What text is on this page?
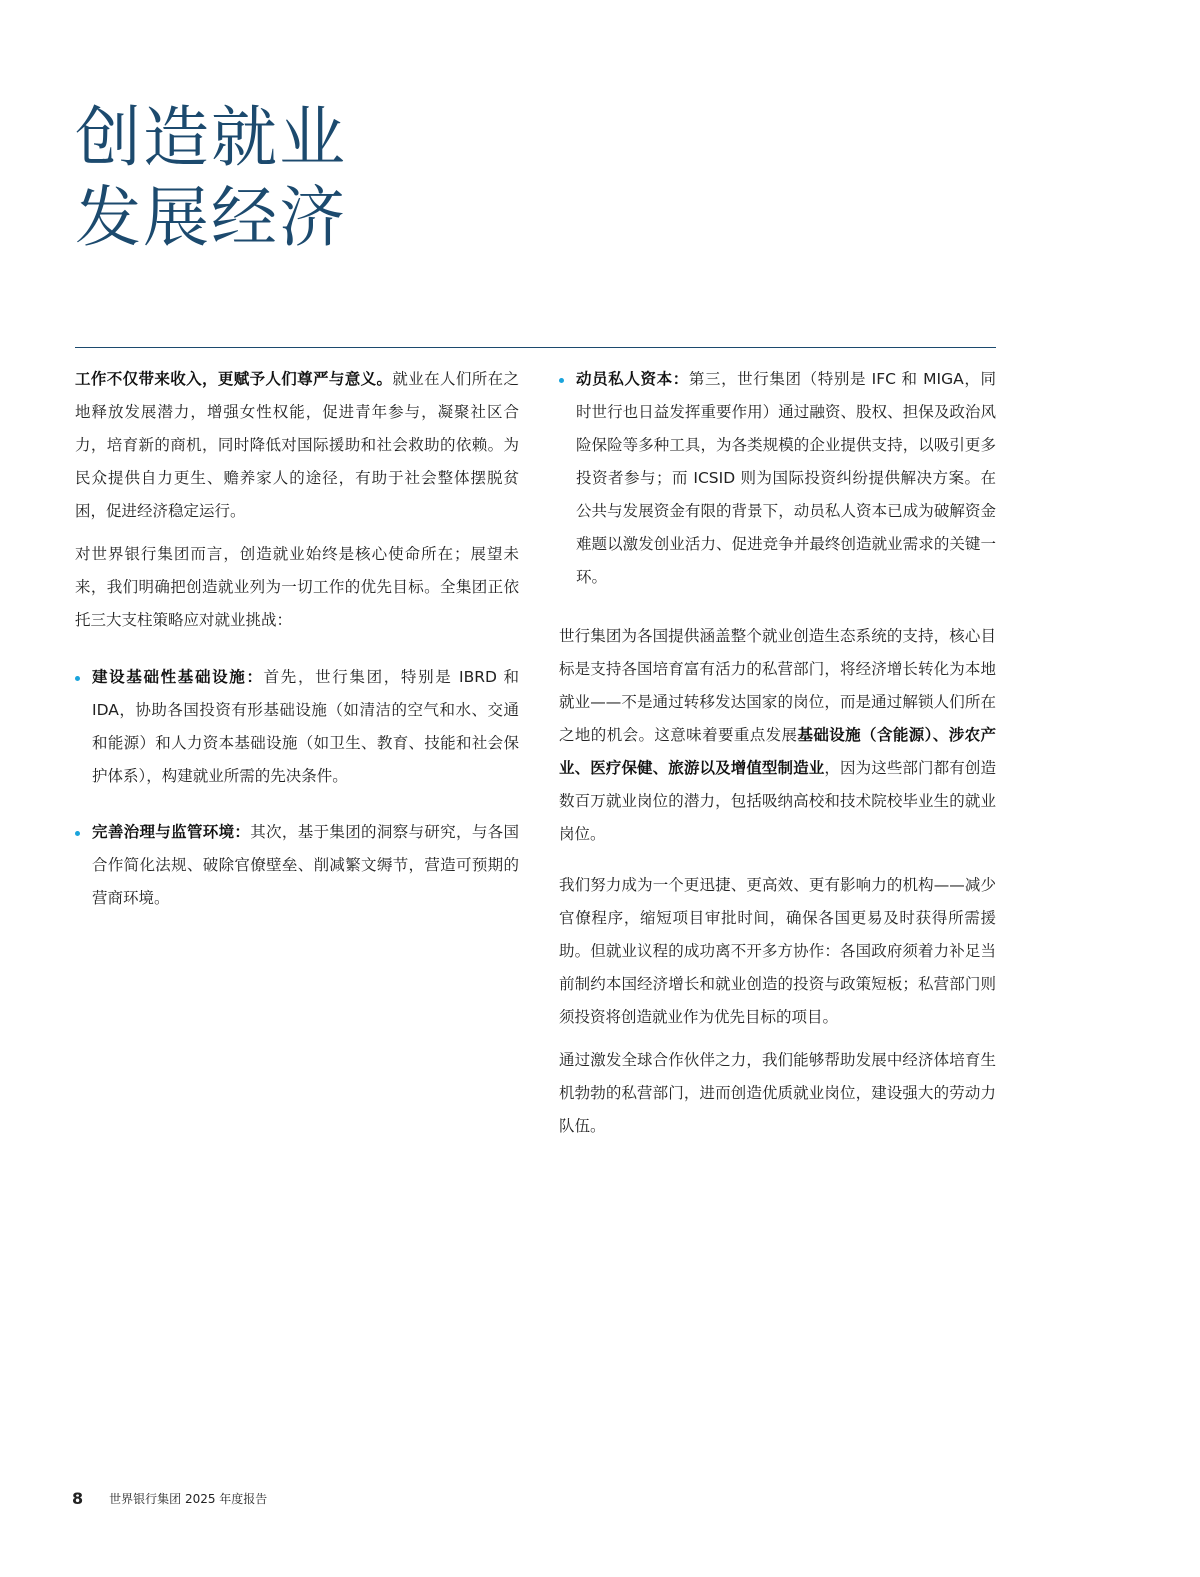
创造就业
发展经济

工作不仅带来收入，更赋予人们尊严与意义。就业在人们所在之地释放发展潜力，增强女性权能，促进青年参与，凝聚社区合力，培育新的商机，同时降低对国际援助和社会救助的依赖。为民众提供自力更生、赡养家人的途径，有助于社会整体摆脱贫困，促进经济稳定运行。

对世界银行集团而言，创造就业始终是核心使命所在；展望未来，我们明确把创造就业列为一切工作的优先目标。全集团正依托三大支柱策略应对就业挑战：

建设基础性基础设施：首先，世行集团，特别是 IBRD 和 IDA，协助各国投资有形基础设施（如清洁的空气和水、交通和能源）和人力资本基础设施（如卫生、教育、技能和社会保护体系），构建就业所需的先决条件。
完善治理与监管环境：其次，基于集团的洞察与研究，与各国合作简化法规、破除官僚壁垒、削减繁文缛节，营造可预期的营商环境。
动员私人资本：第三，世行集团（特别是 IFC 和 MIGA，同时世行也日益发挥重要作用）通过融资、股权、担保及政治风险保险等多种工具，为各类规模的企业提供支持，以吸引更多投资者参与；而 ICSID 则为国际投资纠纷提供解决方案。在公共与发展资金有限的背景下，动员私人资本已成为破解资金难题以激发创业活力、促进竞争并最终创造就业需求的关键一环。

世行集团为各国提供涵盖整个就业创造生态系统的支持，核心目标是支持各国培育富有活力的私营部门，将经济增长转化为本地就业——不是通过转移发达国家的岗位，而是通过解锁人们所在之地的机会。这意味着要重点发展基础设施（含能源）、涉农产业、医疗保健、旅游以及增值型制造业，因为这些部门都有创造数百万就业岗位的潜力，包括吸纳高校和技术院校毕业生的就业岗位。

我们努力成为一个更迅捷、更高效、更有影响力的机构——减少官僚程序，缩短项目审批时间，确保各国更易及时获得所需援助。但就业议程的成功离不开多方协作：各国政府须着力补足当前制约本国经济增长和就业创造的投资与政策短板；私营部门则须投资将创造就业作为优先目标的项目。

通过激发全球合作伙伴之力，我们能够帮助发展中经济体培育生机勃勃的私营部门，进而创造优质就业岗位，建设强大的劳动力队伍。

8 世界银行集团 2025 年度报告
